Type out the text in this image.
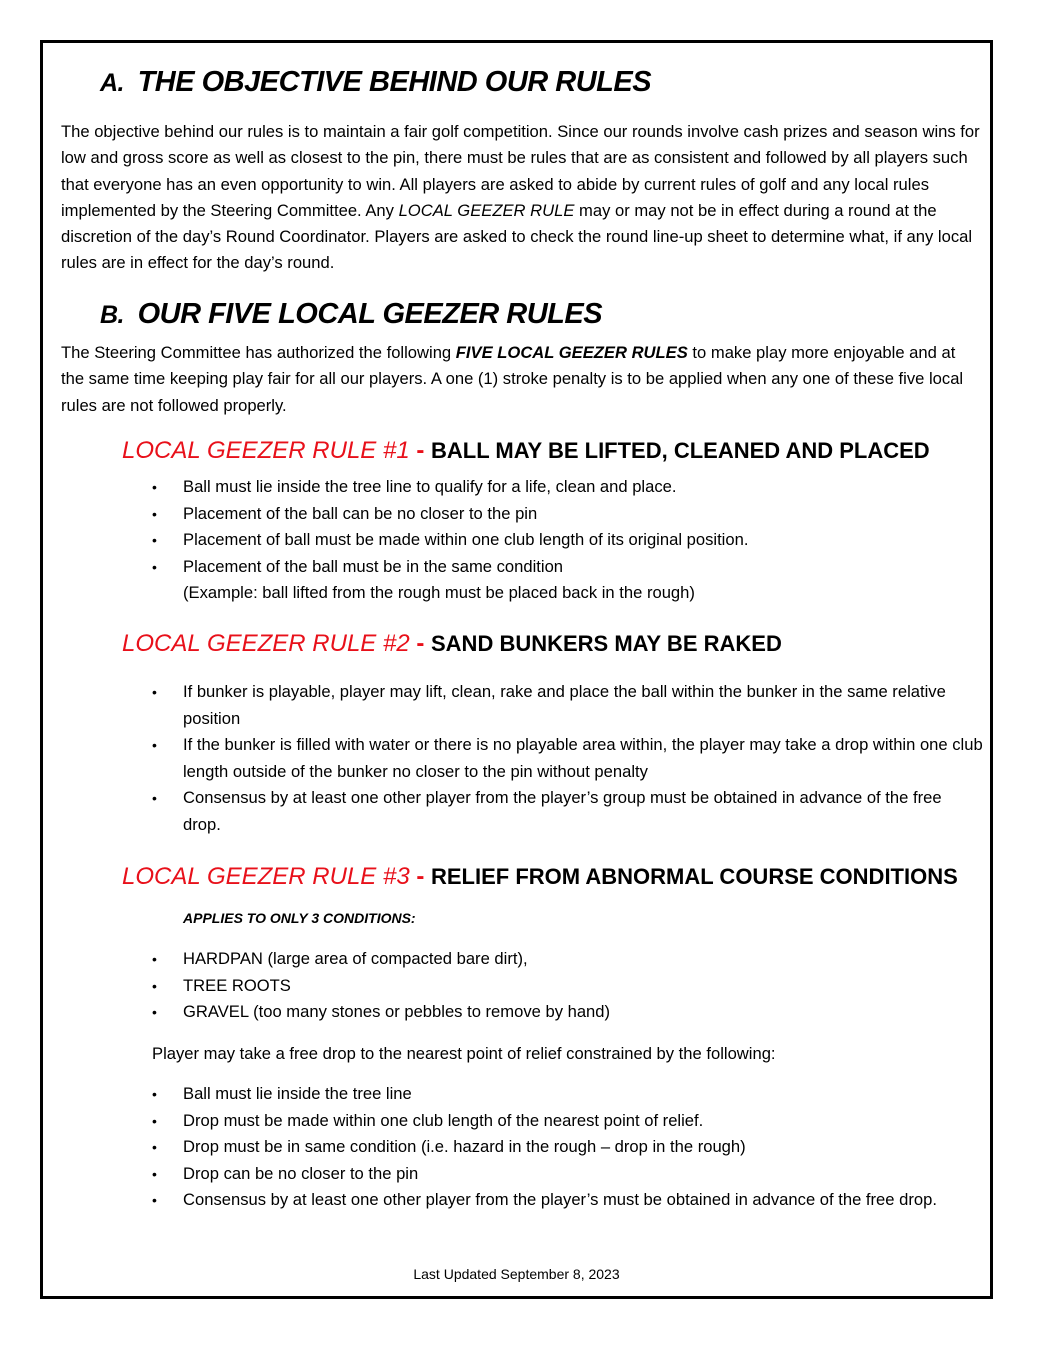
A. THE OBJECTIVE BEHIND OUR RULES
The objective behind our rules is to maintain a fair golf competition. Since our rounds involve cash prizes and season wins for low and gross score as well as closest to the pin, there must be rules that are as consistent and followed by all players such that everyone has an even opportunity to win. All players are asked to abide by current rules of golf and any local rules implemented by the Steering Committee. Any LOCAL GEEZER RULE may or may not be in effect during a round at the discretion of the day’s Round Coordinator. Players are asked to check the round line-up sheet to determine what, if any local rules are in effect for the day’s round.
B. OUR FIVE LOCAL GEEZER RULES
The Steering Committee has authorized the following FIVE LOCAL GEEZER RULES to make play more enjoyable and at the same time keeping play fair for all our players. A one (1) stroke penalty is to be applied when any one of these five local rules are not followed properly.
LOCAL GEEZER RULE #1 - BALL MAY BE LIFTED, CLEANED AND PLACED
• Ball must lie inside the tree line to qualify for a life, clean and place.
• Placement of the ball can be no closer to the pin
• Placement of ball must be made within one club length of its original position.
• Placement of the ball must be in the same condition
(Example: ball lifted from the rough must be placed back in the rough)
LOCAL GEEZER RULE #2 - SAND BUNKERS MAY BE RAKED
• If bunker is playable, player may lift, clean, rake and place the ball within the bunker in the same relative position
• If the bunker is filled with water or there is no playable area within, the player may take a drop within one club length outside of the bunker no closer to the pin without penalty
• Consensus by at least one other player from the player’s group must be obtained in advance of the free drop.
LOCAL GEEZER RULE #3 - RELIEF FROM ABNORMAL COURSE CONDITIONS
APPLIES TO ONLY 3 CONDITIONS:
• HARDPAN (large area of compacted bare dirt),
• TREE ROOTS
• GRAVEL (too many stones or pebbles to remove by hand)
Player may take a free drop to the nearest point of relief constrained by the following:
• Ball must lie inside the tree line
• Drop must be made within one club length of the nearest point of relief.
• Drop must be in same condition (i.e. hazard in the rough – drop in the rough)
• Drop can be no closer to the pin
• Consensus by at least one other player from the player’s must be obtained in advance of the free drop.
Last Updated September 8, 2023
